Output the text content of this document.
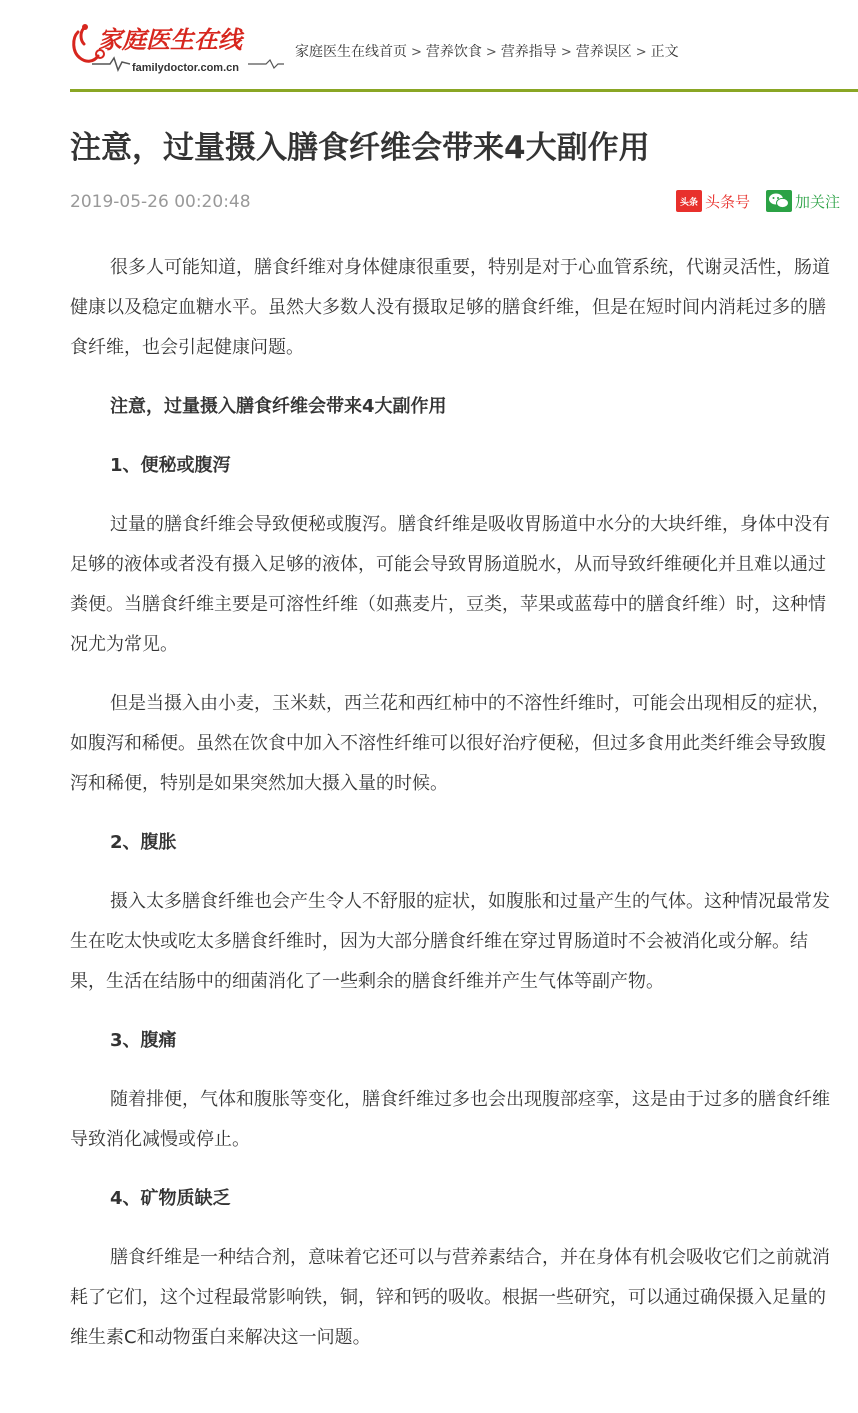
家庭医生在线
familydoctor.com.cn
家庭医生在线首页 > 营养饮食 > 营养指导 > 营养误区 > 正文
注意，过量摄入膳食纤维会带来4大副作用
2019-05-26 00:20:48	头条 头条号	加关注

很多人可能知道，膳食纤维对身体健康很重要，特别是对于心血管系统，代谢灵活性，肠道健康以及稳定血糖水平。虽然大多数人没有摄取足够的膳食纤维，但是在短时间内消耗过多的膳食纤维，也会引起健康问题。

注意，过量摄入膳食纤维会带来4大副作用
1、便秘或腹泻

过量的膳食纤维会导致便秘或腹泻。膳食纤维是吸收胃肠道中水分的大块纤维，身体中没有足够的液体或者没有摄入足够的液体，可能会导致胃肠道脱水，从而导致纤维硬化并且难以通过粪便。当膳食纤维主要是可溶性纤维（如燕麦片，豆类，苹果或蓝莓中的膳食纤维）时，这种情况尤为常见。

但是当摄入由小麦，玉米麸，西兰花和西红柿中的不溶性纤维时，可能会出现相反的症状，如腹泻和稀便。虽然在饮食中加入不溶性纤维可以很好治疗便秘，但过多食用此类纤维会导致腹泻和稀便，特别是如果突然加大摄入量的时候。

2、腹胀

摄入太多膳食纤维也会产生令人不舒服的症状，如腹胀和过量产生的气体。这种情况最常发生在吃太快或吃太多膳食纤维时，因为大部分膳食纤维在穿过胃肠道时不会被消化或分解。结果，生活在结肠中的细菌消化了一些剩余的膳食纤维并产生气体等副产物。

3、腹痛

随着排便，气体和腹胀等变化，膳食纤维过多也会出现腹部痉挛，这是由于过多的膳食纤维导致消化减慢或停止。

4、矿物质缺乏

膳食纤维是一种结合剂，意味着它还可以与营养素结合，并在身体有机会吸收它们之前就消耗了它们，这个过程最常影响铁，铜，锌和钙的吸收。根据一些研究，可以通过确保摄入足量的维生素C和动物蛋白来解决这一问题。
